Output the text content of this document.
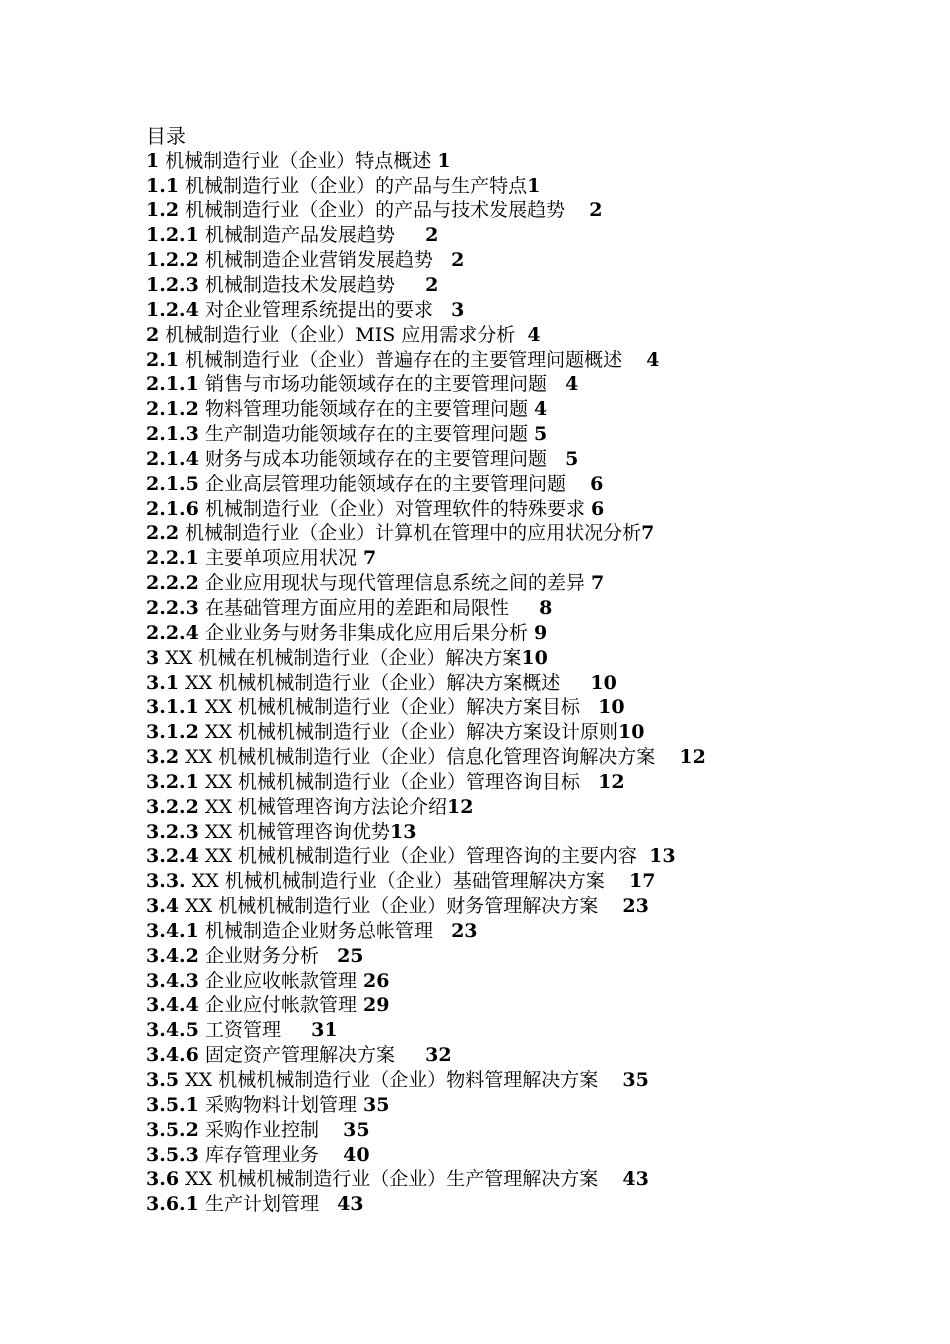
目录
1 机械制造行业（企业）特点概述 1
1.1 机械制造行业（企业）的产品与生产特点1
1.2 机械制造行业（企业）的产品与技术发展趋势 2
1.2.1 机械制造产品发展趋势 2
1.2.2 机械制造企业营销发展趋势 2
1.2.3 机械制造技术发展趋势 2
1.2.4 对企业管理系统提出的要求 3
2 机械制造行业（企业）MIS 应用需求分析 4
2.1 机械制造行业（企业）普遍存在的主要管理问题概述 4
2.1.1 销售与市场功能领域存在的主要管理问题 4
2.1.2 物料管理功能领域存在的主要管理问题 4
2.1.3 生产制造功能领域存在的主要管理问题 5
2.1.4 财务与成本功能领域存在的主要管理问题 5
2.1.5 企业高层管理功能领域存在的主要管理问题 6
2.1.6 机械制造行业（企业）对管理软件的特殊要求 6
2.2 机械制造行业（企业）计算机在管理中的应用状况分析7
2.2.1 主要单项应用状况 7
2.2.2 企业应用现状与现代管理信息系统之间的差异 7
2.2.3 在基础管理方面应用的差距和局限性 8
2.2.4 企业业务与财务非集成化应用后果分析 9
3 XX 机械在机械制造行业（企业）解决方案10
3.1 XX 机械机械制造行业（企业）解决方案概述 10
3.1.1 XX 机械机械制造行业（企业）解决方案目标 10
3.1.2 XX 机械机械制造行业（企业）解决方案设计原则10
3.2 XX 机械机械制造行业（企业）信息化管理咨询解决方案 12
3.2.1 XX 机械机械制造行业（企业）管理咨询目标 12
3.2.2 XX 机械管理咨询方法论介绍12
3.2.3 XX 机械管理咨询优势13
3.2.4 XX 机械机械制造行业（企业）管理咨询的主要内容 13
3.3. XX 机械机械制造行业（企业）基础管理解决方案 17
3.4 XX 机械机械制造行业（企业）财务管理解决方案 23
3.4.1 机械制造企业财务总帐管理 23
3.4.2 企业财务分析 25
3.4.3 企业应收帐款管理 26
3.4.4 企业应付帐款管理 29
3.4.5 工资管理 31
3.4.6 固定资产管理解决方案 32
3.5 XX 机械机械制造行业（企业）物料管理解决方案 35
3.5.1 采购物料计划管理 35
3.5.2 采购作业控制 35
3.5.3 库存管理业务 40
3.6 XX 机械机械制造行业（企业）生产管理解决方案 43
3.6.1 生产计划管理 43
